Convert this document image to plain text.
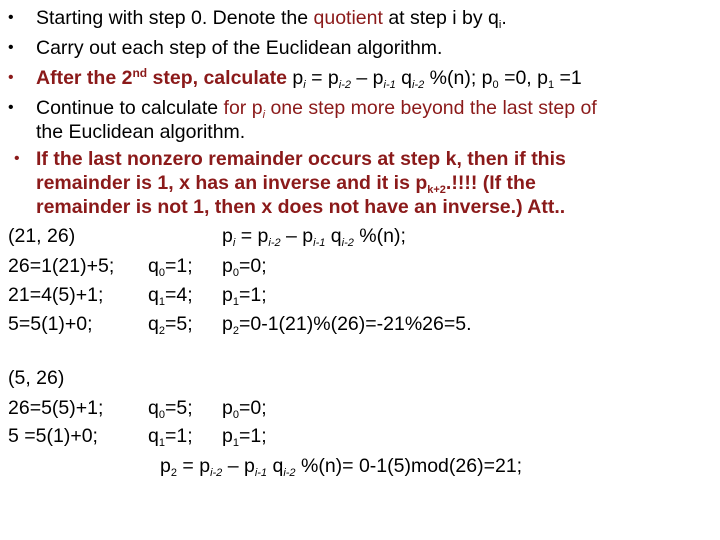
• Starting with step 0. Denote the quotient at step i by $q_i$.
• Carry out each step of the Euclidean algorithm.
• After the 2nd step, calculate $p_i = p_{i-2} - p_{i-1}$ $q_{i-2}$ %(n); $p_0 =0$, $p_1 =1$
• Continue to calculate for $p_i$ one step more beyond the last step of
the Euclidean algorithm.
• If the last nonzero remainder occurs at step k, then if this
remainder is 1, x has an inverse and it is $p_{k+2}$.!!!! (If the
remainder is not 1, then x does not have an inverse.) Att..
(21, 26)	$p_i = p_{i-2} - p_{i-1}$ $q_{i-2}$ %(n);
26=1(21)+5; $q_0=1$; $p_0=0$;
21=4(5)+1; $q_1=4$; $p_1=1$;
5=5(1)+0;	$q_2=5$; $p_2=0-1(21)\%(26)=-21\%26=5$.
(5, 26)
26=5(5)+1; $q_0=5$; $p_0=0$;
5 =5(1)+0;	$q_1=1$; $p_1=1$;
$p_2 = p_{i-2} - p_{i-1}$ $q_{i-2}$ %(n)= 0-1(5)mod(26)=21;
